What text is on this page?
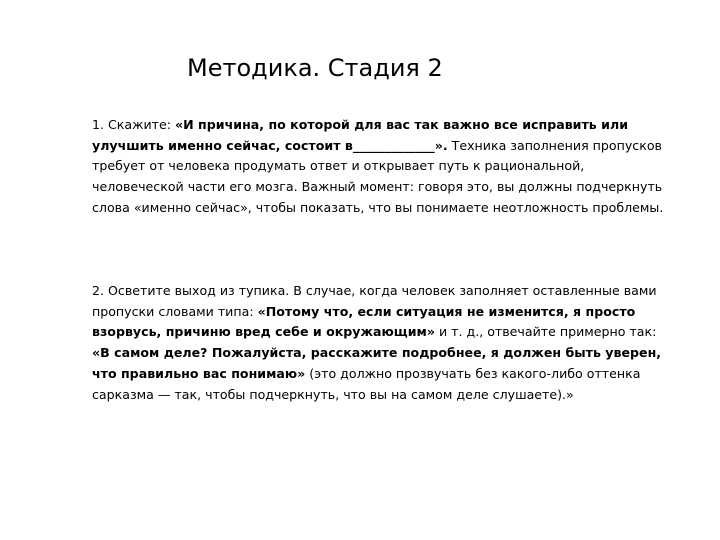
Методика. Стадия 2

1. Скажите: «И причина, по которой для вас так важно все исправить или улучшить именно сейчас, состоит в_____________». Техника заполнения пропусков требует от человека продумать ответ и открывает путь к рациональной, человеческой части его мозга. Важный момент: говоря это, вы должны подчеркнуть слова «именно сейчас», чтобы показать, что вы понимаете неотложность проблемы.

2. Осветите выход из тупика. В случае, когда человек заполняет оставленные вами пропуски словами типа: «Потому что, если ситуация не изменится, я просто взорвусь, причиню вред себе и окружающим» и т. д., отвечайте примерно так: «В самом деле? Пожалуйста, расскажите подробнее, я должен быть уверен, что правильно вас понимаю» (это должно прозвучать без какого-либо оттенка сарказма — так, чтобы подчеркнуть, что вы на самом деле слушаете).»
